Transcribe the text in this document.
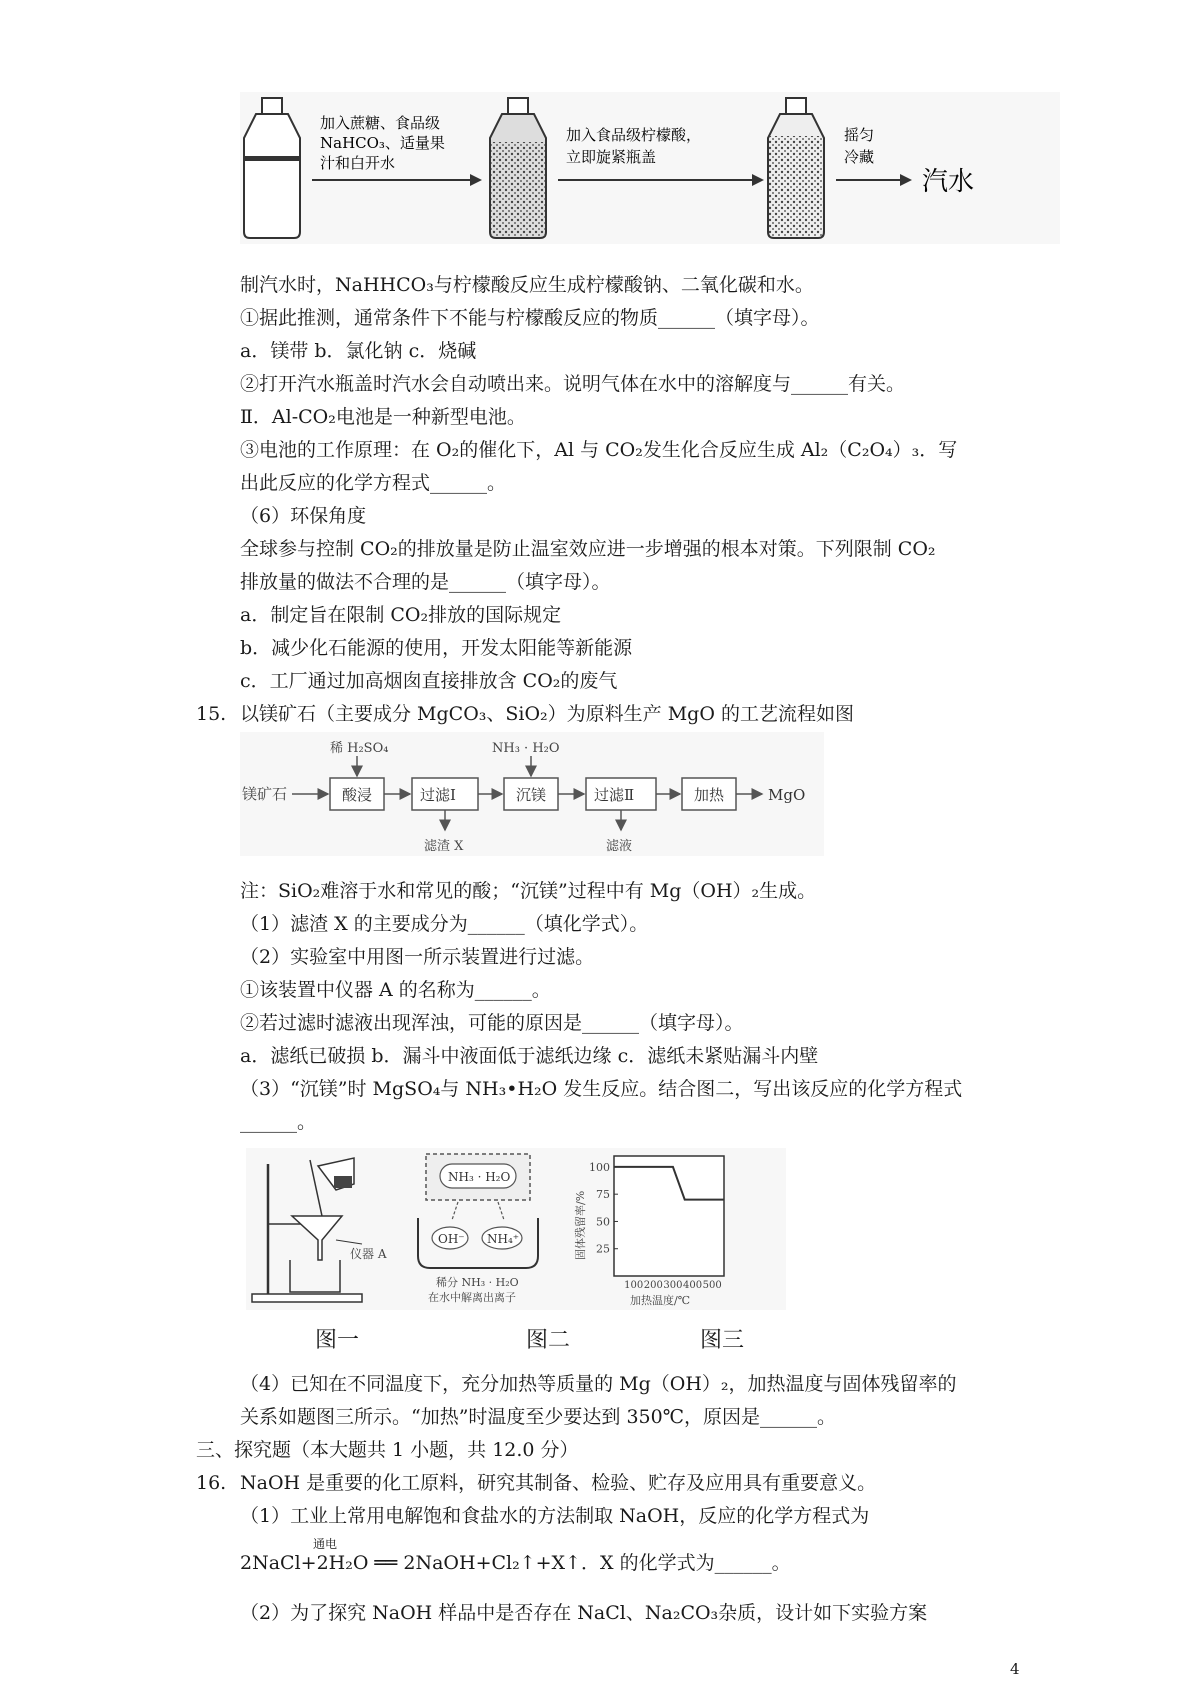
加入蔗糖、食品级
NaHCO₃、适量果
汁和白开水
加入食品级柠檬酸，
立即旋紧瓶盖
摇匀
冷藏
汽水
制汽水时，NaHHCO₃与柠檬酸反应生成柠檬酸钠、二氧化碳和水。
①据此推测，通常条件下不能与柠檬酸反应的物质______（填字母）。
a．镁带 b．氯化钠 c．烧碱
②打开汽水瓶盖时汽水会自动喷出来。说明气体在水中的溶解度与______有关。
Ⅱ．Al-CO₂电池是一种新型电池。
③电池的工作原理：在 O₂的催化下，Al 与 CO₂发生化合反应生成 Al₂（C₂O₄）₃．写
出此反应的化学方程式______。
（6）环保角度
全球参与控制 CO₂的排放量是防止温室效应进一步增强的根本对策。下列限制 CO₂
排放量的做法不合理的是______（填字母）。
a．制定旨在限制 CO₂排放的国际规定
b．减少化石能源的使用，开发太阳能等新能源
c．工厂通过加高烟囱直接排放含 CO₂的废气
15. 以镁矿石（主要成分 MgCO₃、SiO₂）为原料生产 MgO 的工艺流程如图
镁矿石	酸浸
稀 H₂SO₄
过滤Ⅰ
滤渣 X
沉镁
NH₃ · H₂O
过滤Ⅱ
滤液
加热	MgO
注：SiO₂难溶于水和常见的酸；“沉镁”过程中有 Mg（OH）₂生成。
（1）滤渣 X 的主要成分为______（填化学式）。
（2）实验室中用图一所示装置进行过滤。
①该装置中仪器 A 的名称为______。
②若过滤时滤液出现浑浊，可能的原因是______（填字母）。
a．滤纸已破损 b．漏斗中液面低于滤纸边缘 c．滤纸未紧贴漏斗内壁
（3）“沉镁”时 MgSO₄与 NH₃•H₂O 发生反应。结合图二，写出该反应的化学方程式
______。
仪器 A
NH₃ · H₂O
OH⁻ NH₄⁺
稀分 NH₃ · H₂O
在水中解离出离子
固体残留率/%
100
75
50
25
100 200 300 400 500
加热温度/℃
图一	图二	图三
（4）已知在不同温度下，充分加热等质量的 Mg（OH）₂，加热温度与固体残留率的
关系如题图三所示。“加热”时温度至少要达到 350℃，原因是______。
三、探究题（本大题共 1 小题，共 12.0 分）
16. NaOH 是重要的化工原料，研究其制备、检验、贮存及应用具有重要意义。
（1）工业上常用电解饱和食盐水的方法制取 NaOH，反应的化学方程式为
通电
2NaCl+2H₂O ══ 2NaOH+Cl₂↑+X↑．X 的化学式为______。
（2）为了探究 NaOH 样品中是否存在 NaCl、Na₂CO₃杂质，设计如下实验方案
4
